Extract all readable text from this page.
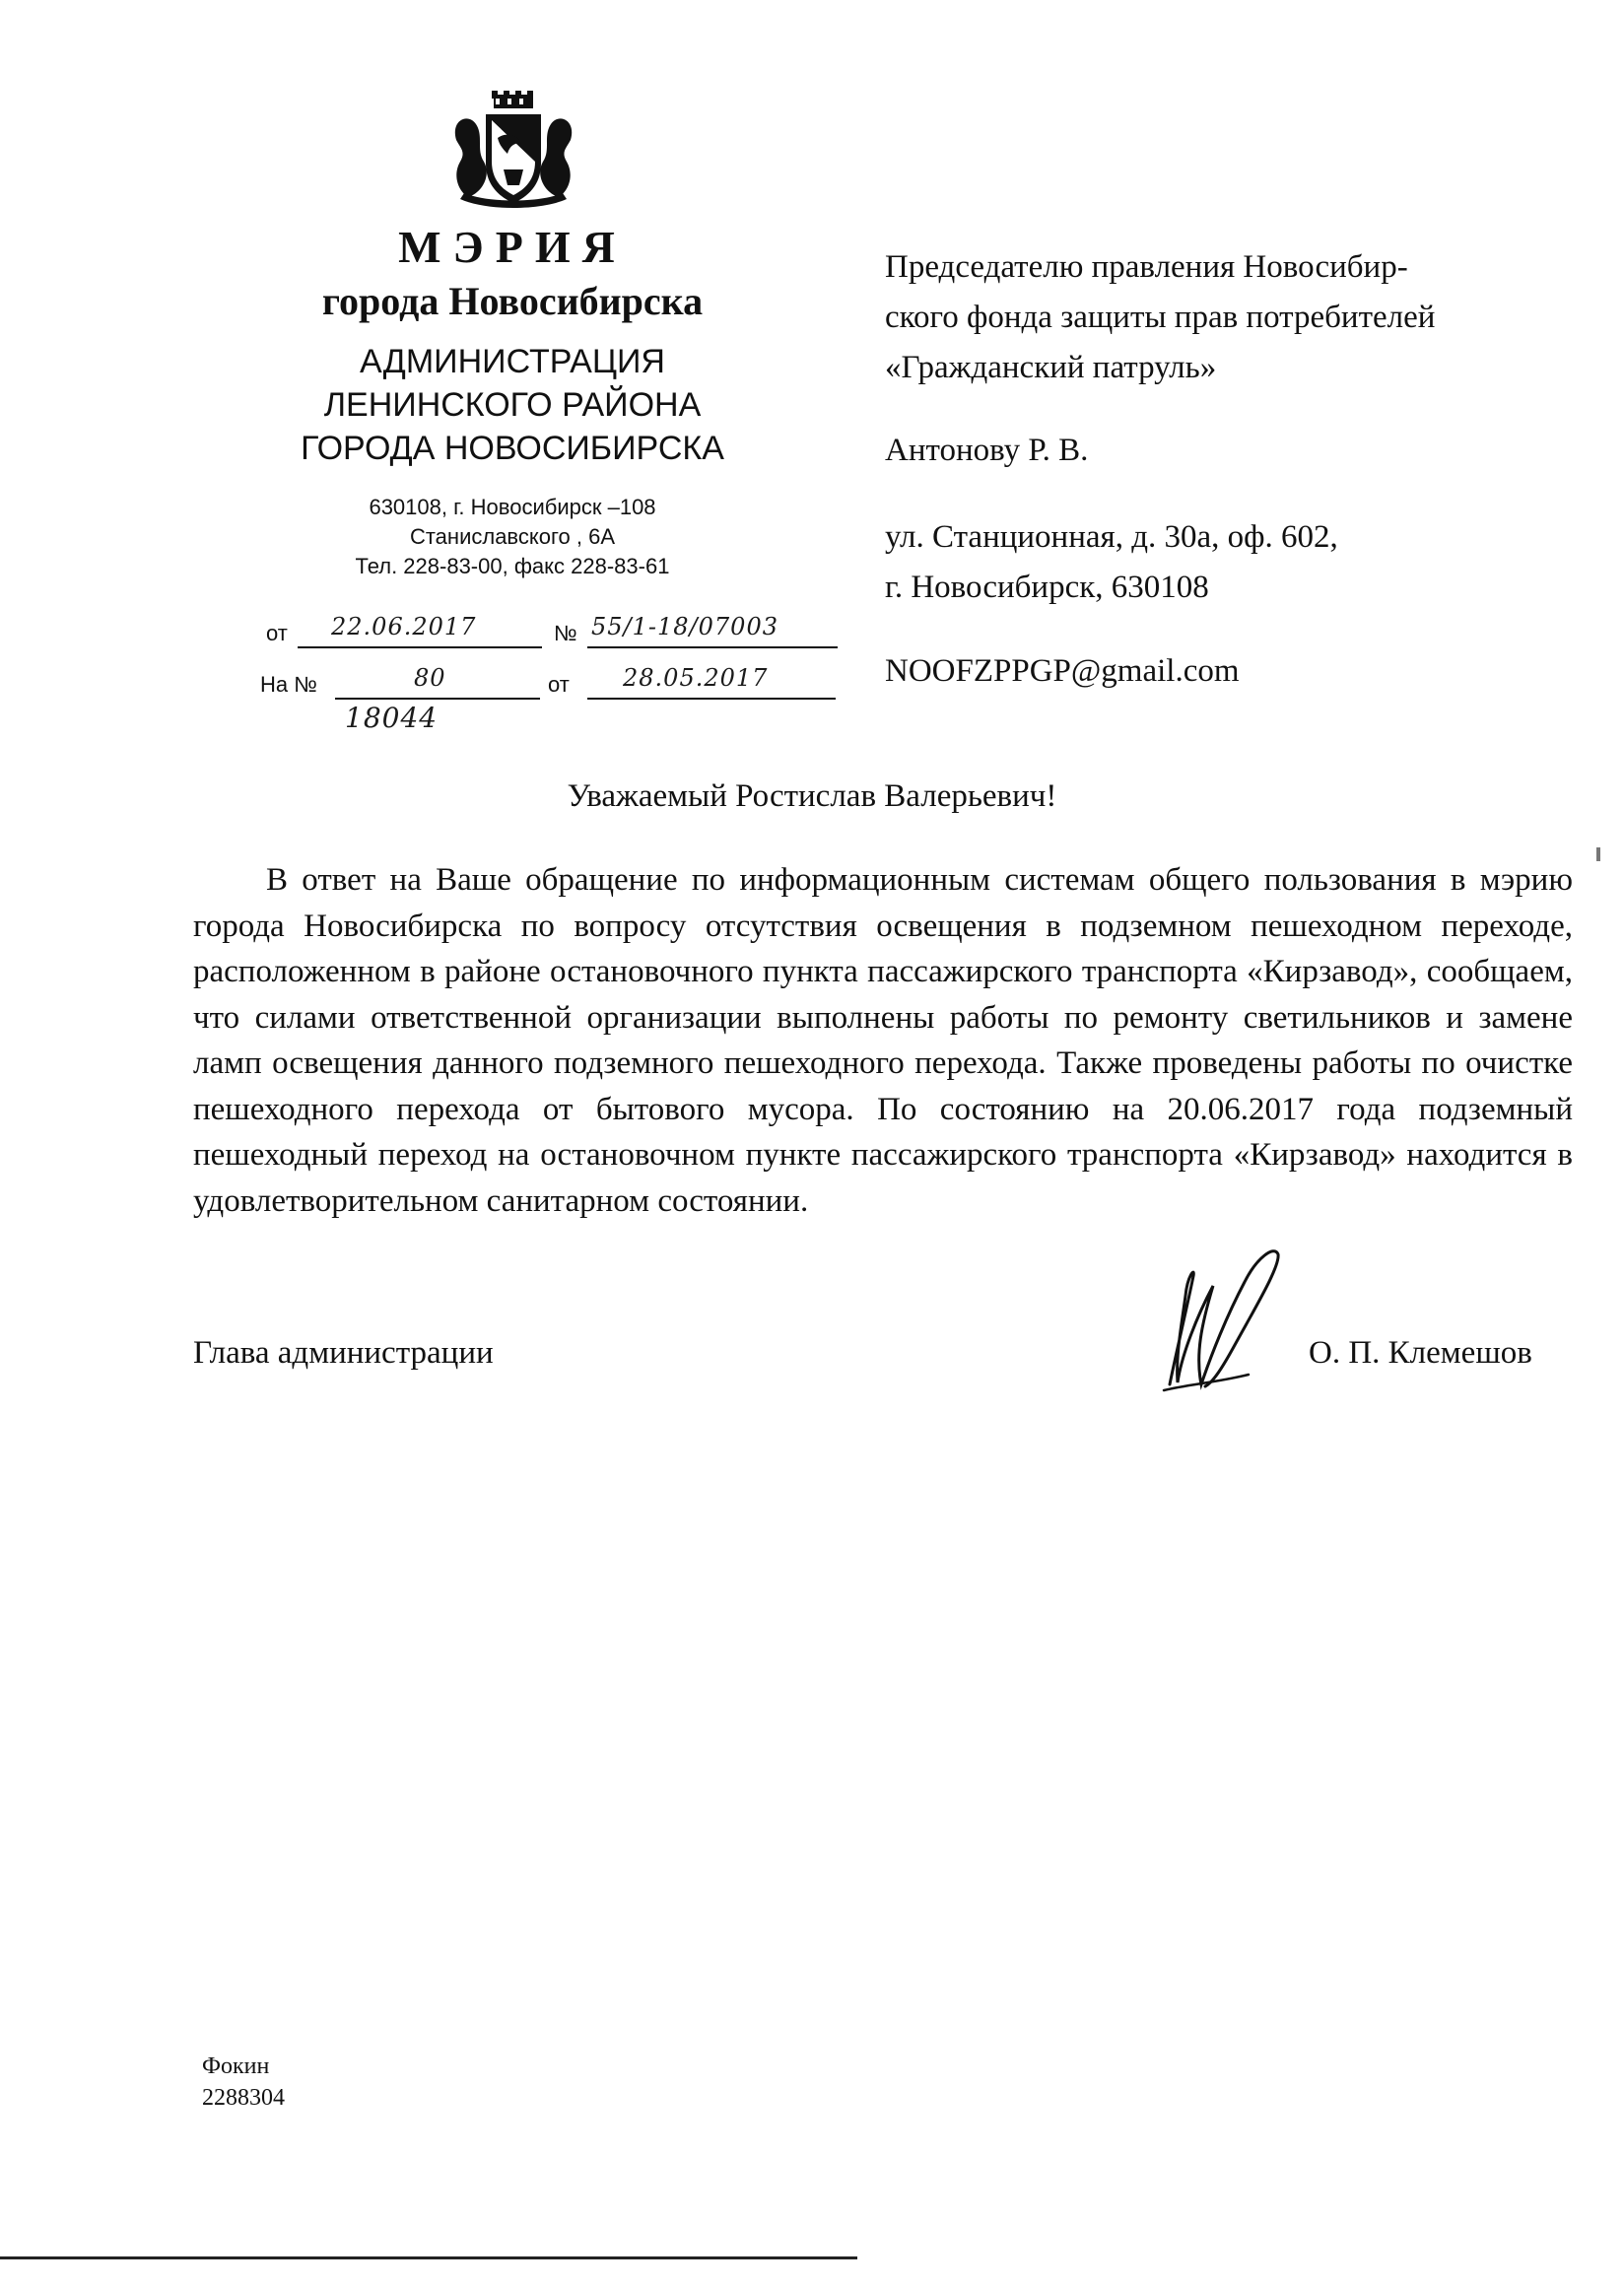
МЭРИЯ
города Новосибирска
АДМИНИСТРАЦИЯ
ЛЕНИНСКОГО РАЙОНА
ГОРОДА НОВОСИБИРСКА
630108, г. Новосибирск –108
Станиславского , 6А
Тел. 228-83-00, факс 228-83-61
от 22.06.2017	№ 55/1-18/07003
На №	80	от 28.05.2017
18044
Председателю правления Новосибир-
ского фонда защиты прав потребителей
«Гражданский патруль»
Антонову Р. В.
ул. Станционная, д. 30а, оф. 602,
г. Новосибирск, 630108
NOOFZPPGP@gmail.com
Уважаемый Ростислав Валерьевич!
В ответ на Ваше обращение по информационным системам общего пользования в мэрию города Новосибирска по вопросу отсутствия освещения в подземном пешеходном переходе, расположенном в районе остановочного пункта пассажирского транспорта «Кирзавод», сообщаем, что силами ответственной организации выполнены работы по ремонту светильников и замене ламп освещения данного подземного пешеходного перехода. Также проведены работы по очистке пешеходного перехода от бытового мусора. По состоянию на 20.06.2017 года подземный пешеходный переход на остановочном пункте пассажирского транспорта «Кирзавод» находится в удовлетворительном санитарном состоянии.
Глава администрации	О. П. Клемешов
Фокин
2288304
